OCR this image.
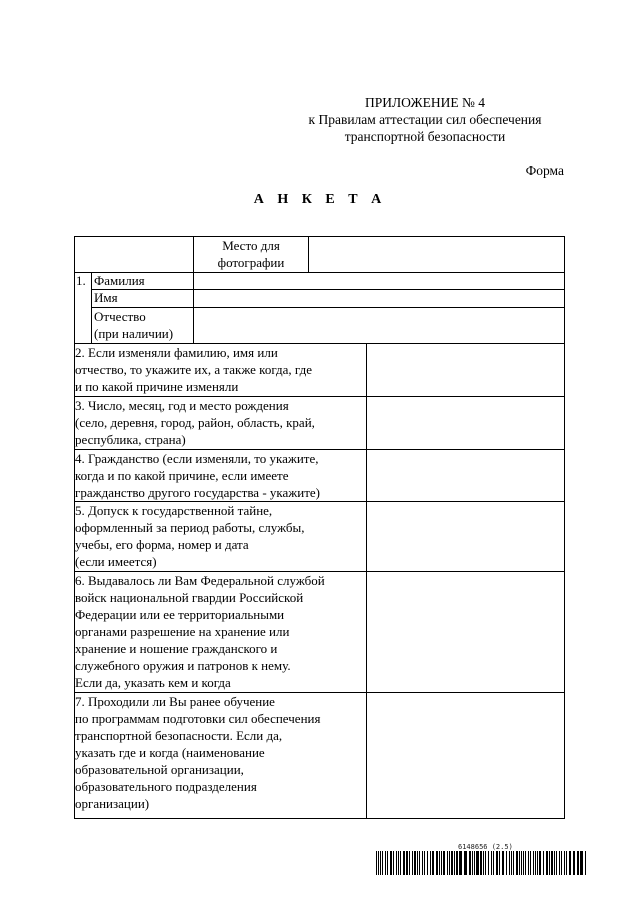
ПРИЛОЖЕНИЕ № 4
к Правилам аттестации сил обеспечения
транспортной безопасности
Форма
А Н К Е Т А
Место для
фотографии
1. Фамилия
Имя
Отчество
(при наличии)
2. Если изменяли фамилию, имя или
отчество, то укажите их, а также когда, где
и по какой причине изменяли
3. Число, месяц, год и место рождения
(село, деревня, город, район, область, край,
республика, страна)
4. Гражданство (если изменяли, то укажите,
когда и по какой причине, если имеете
гражданство другого государства - укажите)
5. Допуск к государственной тайне,
оформленный за период работы, службы,
учебы, его форма, номер и дата
(если имеется)
6. Выдавалось ли Вам Федеральной службой
войск национальной гвардии Российской
Федерации или ее территориальными
органами разрешение на хранение или
хранение и ношение гражданского и
служебного оружия и патронов к нему.
Если да, указать кем и когда
7. Проходили ли Вы ранее обучение
по программам подготовки сил обеспечения
транспортной безопасности. Если да,
указать где и когда (наименование
образовательной организации,
образовательного подразделения
организации)
6148656 (2.5)
